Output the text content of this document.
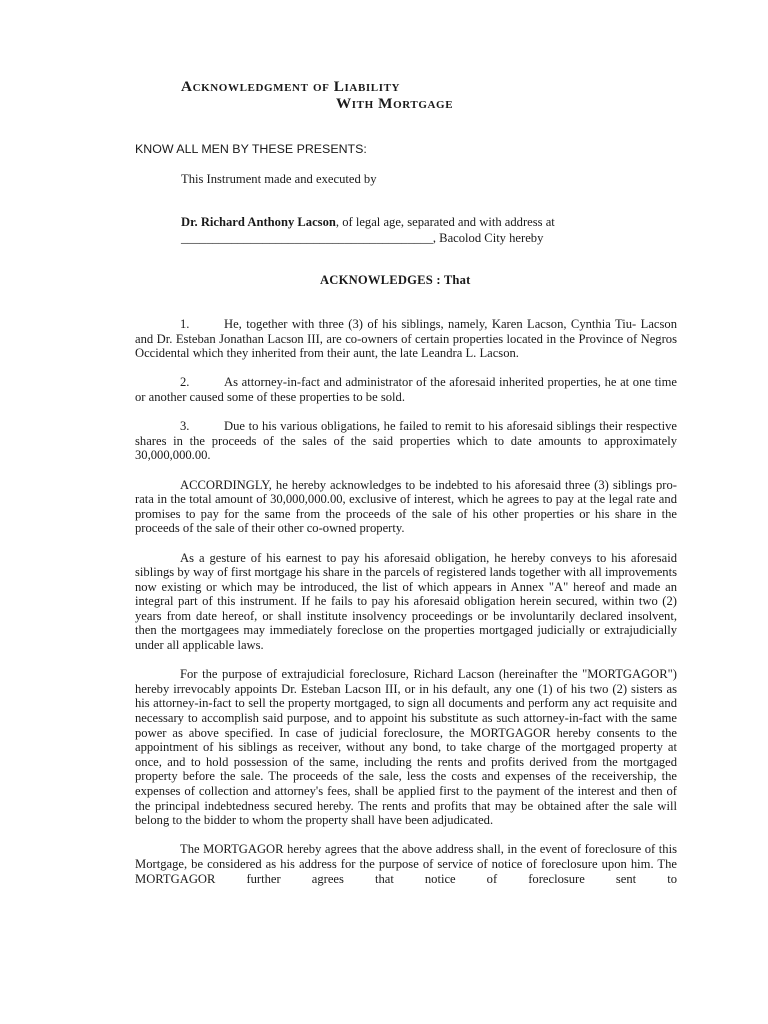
Acknowledgment of Liability
With Mortgage
KNOW ALL MEN BY THESE PRESENTS:
This Instrument made and executed by
Dr. Richard Anthony Lacson, of legal age, separated and with address at
________________________________________, Bacolod City hereby
ACKNOWLEDGES : That

1.	He, together with three (3) of his siblings, namely, Karen Lacson, Cynthia Tiu- Lacson and Dr. Esteban Jonathan Lacson III, are co-owners of certain properties located in the Province of Negros Occidental which they inherited from their aunt, the late Leandra L. Lacson.

2.	As attorney-in-fact and administrator of the aforesaid inherited properties, he at one time or another caused some of these properties to be sold.

3.	Due to his various obligations, he failed to remit to his aforesaid siblings their respective shares in the proceeds of the sales of the said properties which to date amounts to approximately 30,000,000.00.

ACCORDINGLY, he hereby acknowledges to be indebted to his aforesaid three (3) siblings pro-rata in the total amount of 30,000,000.00, exclusive of interest, which he agrees to pay at the legal rate and promises to pay for the same from the proceeds of the sale of his other properties or his share in the proceeds of the sale of their other co-owned property.

As a gesture of his earnest to pay his aforesaid obligation, he hereby conveys to his aforesaid siblings by way of first mortgage his share in the parcels of registered lands together with all improvements now existing or which may be introduced, the list of which appears in Annex "A" hereof and made an integral part of this instrument. If he fails to pay his aforesaid obligation herein secured, within two (2) years from date hereof, or shall institute insolvency proceedings or be involuntarily declared insolvent, then the mortgagees may immediately foreclose on the properties mortgaged judicially or extrajudicially under all applicable laws.

For the purpose of extrajudicial foreclosure, Richard Lacson (hereinafter the "MORTGAGOR") hereby irrevocably appoints Dr. Esteban Lacson III, or in his default, any one (1) of his two (2) sisters as his attorney-in-fact to sell the property mortgaged, to sign all documents and perform any act requisite and necessary to accomplish said purpose, and to appoint his substitute as such attorney-in-fact with the same power as above specified. In case of judicial foreclosure, the MORTGAGOR hereby consents to the appointment of his siblings as receiver, without any bond, to take charge of the mortgaged property at once, and to hold possession of the same, including the rents and profits derived from the mortgaged property before the sale. The proceeds of the sale, less the costs and expenses of the receivership, the expenses of collection and attorney's fees, shall be applied first to the payment of the interest and then of the principal indebtedness secured hereby. The rents and profits that may be obtained after the sale will belong to the bidder to whom the property shall have been adjudicated.

The MORTGAGOR hereby agrees that the above address shall, in the event of foreclosure of this Mortgage, be considered as his address for the purpose of service of notice of foreclosure upon him. The MORTGAGOR further agrees that notice of foreclosure sent to
